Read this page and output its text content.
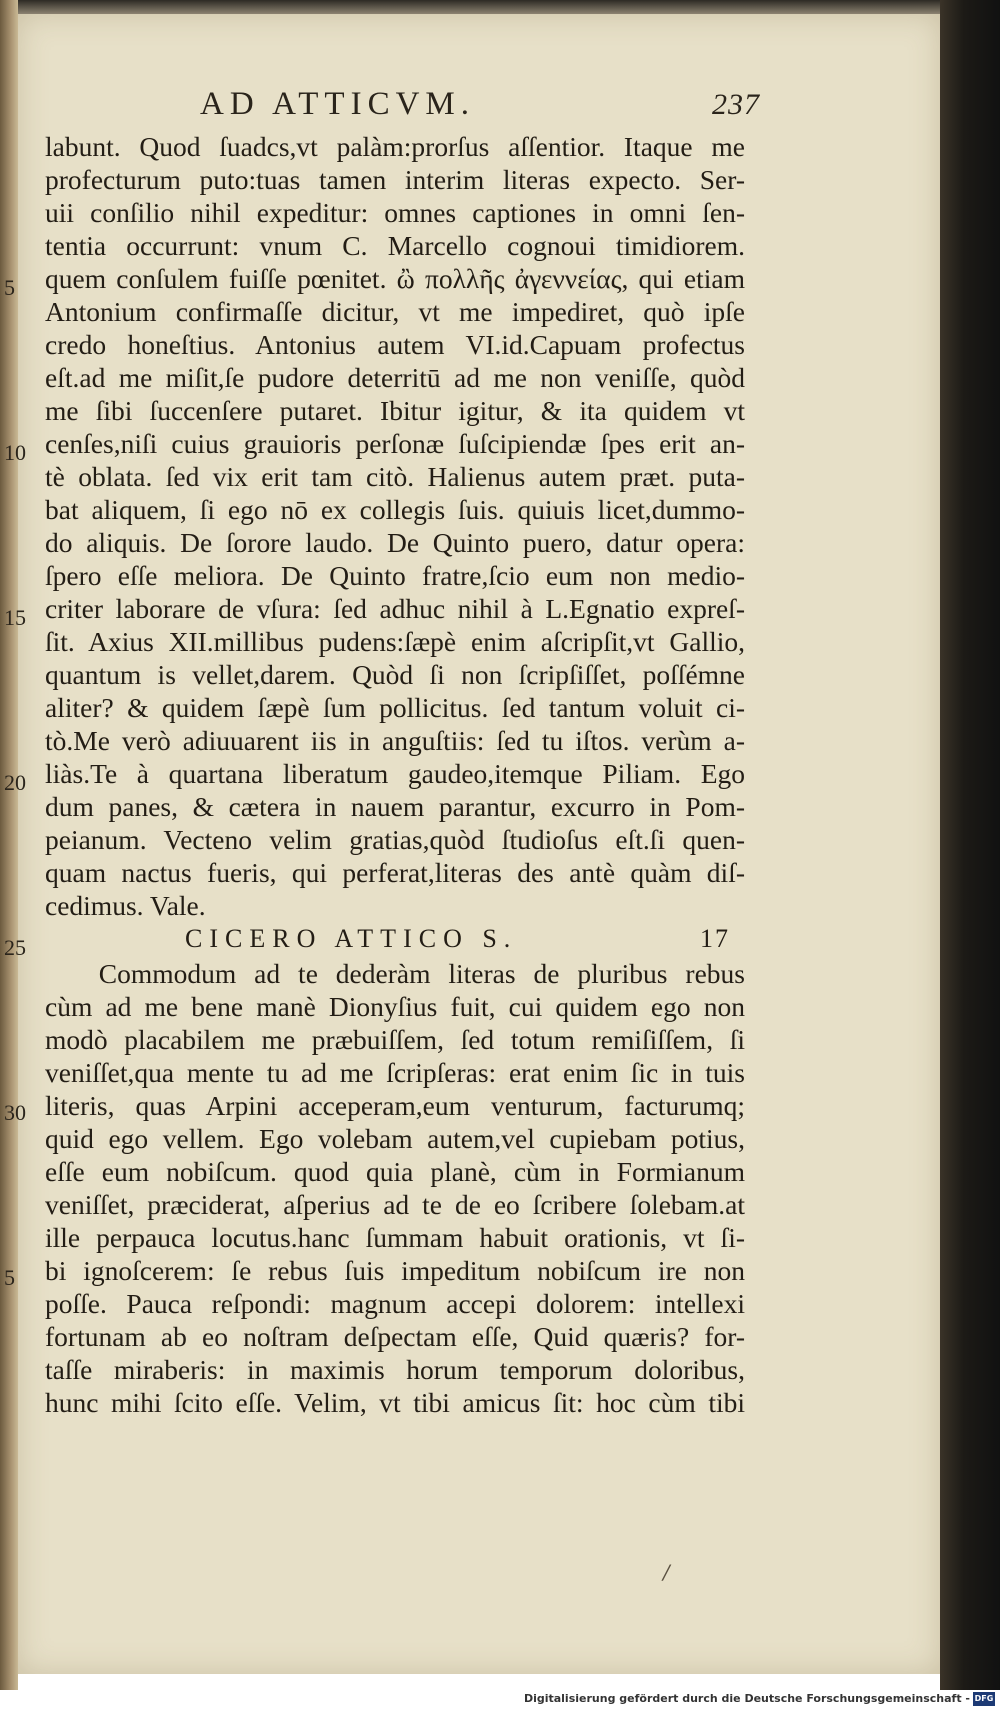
AD ATTICVM.	237
labunt. Quod ſuadcs,vt palàm:prorſus aſſentior. Itaque me
profecturum puto:tuas tamen interim literas expecto. Ser-
uii conſilio nihil expeditur: omnes captiones in omni ſen-
tentia occurrunt: vnum C. Marcello cognoui timidiorem.
quem conſulem fuiſſe pœnitet. ὢ πολλῆς ἀγεννείας, qui etiam
Antonium confirmaſſe dicitur, vt me impediret, quò ipſe
credo honeſtius. Antonius autem VI.id.Capuam profectus
eſt.ad me miſit,ſe pudore deterritū ad me non veniſſe, quòd
me ſibi ſuccenſere putaret. Ibitur igitur, & ita quidem vt
cenſes,niſi cuius grauioris perſonæ ſuſcipiendæ ſpes erit an-
tè oblata. ſed vix erit tam citò. Halienus autem præt. puta-
bat aliquem, ſi ego nō ex collegis ſuis. quiuis licet,dummo-
do aliquis. De ſorore laudo. De Quinto puero, datur opera:
ſpero eſſe meliora. De Quinto fratre,ſcio eum non medio-
criter laborare de vſura: ſed adhuc nihil à L.Egnatio expreſ-
ſit. Axius XII.millibus pudens:ſæpè enim aſcripſit,vt Gallio,
quantum is vellet,darem. Quòd ſi non ſcripſiſſet, poſſémne
aliter? & quidem ſæpè ſum pollicitus. ſed tantum voluit ci-
tò.Me verò adiuuarent iis in anguſtiis: ſed tu iſtos. verùm a-
liàs.Te à quartana liberatum gaudeo,itemque Piliam. Ego
dum panes, & cætera in nauem parantur, excurro in Pom-
peianum. Vecteno velim gratias,quòd ſtudioſus eſt.ſi quen-
quam nactus fueris, qui perferat,literas des antè quàm diſ-
cedimus. Vale.
CICERO ATTICO S.	17
Commodum ad te dederàm literas de pluribus rebus
cùm ad me bene manè Dionyſius fuit, cui quidem ego non
modò placabilem me præbuiſſem, ſed totum remiſiſſem, ſi
veniſſet,qua mente tu ad me ſcripſeras: erat enim ſic in tuis
literis, quas Arpini acceperam,eum venturum, facturumq;
quid ego vellem. Ego volebam autem,vel cupiebam potius,
eſſe eum nobiſcum. quod quia planè, cùm in Formianum
veniſſet, præciderat, aſperius ad te de eo ſcribere ſolebam.at
ille perpauca locutus.hanc ſummam habuit orationis, vt ſi-
bi ignoſcerem: ſe rebus ſuis impeditum nobiſcum ire non
poſſe. Pauca reſpondi: magnum accepi dolorem: intellexi
fortunam ab eo noſtram deſpectam eſſe, Quid quæris? for-
taſſe miraberis: in maximis horum temporum doloribus,
hunc mihi ſcito eſſe. Velim, vt tibi amicus ſit: hoc cùm tibi
5
10
15
20
25
30
5
/
Digitalisierung gefördert durch die Deutsche Forschungsgemeinschaft - DFG
